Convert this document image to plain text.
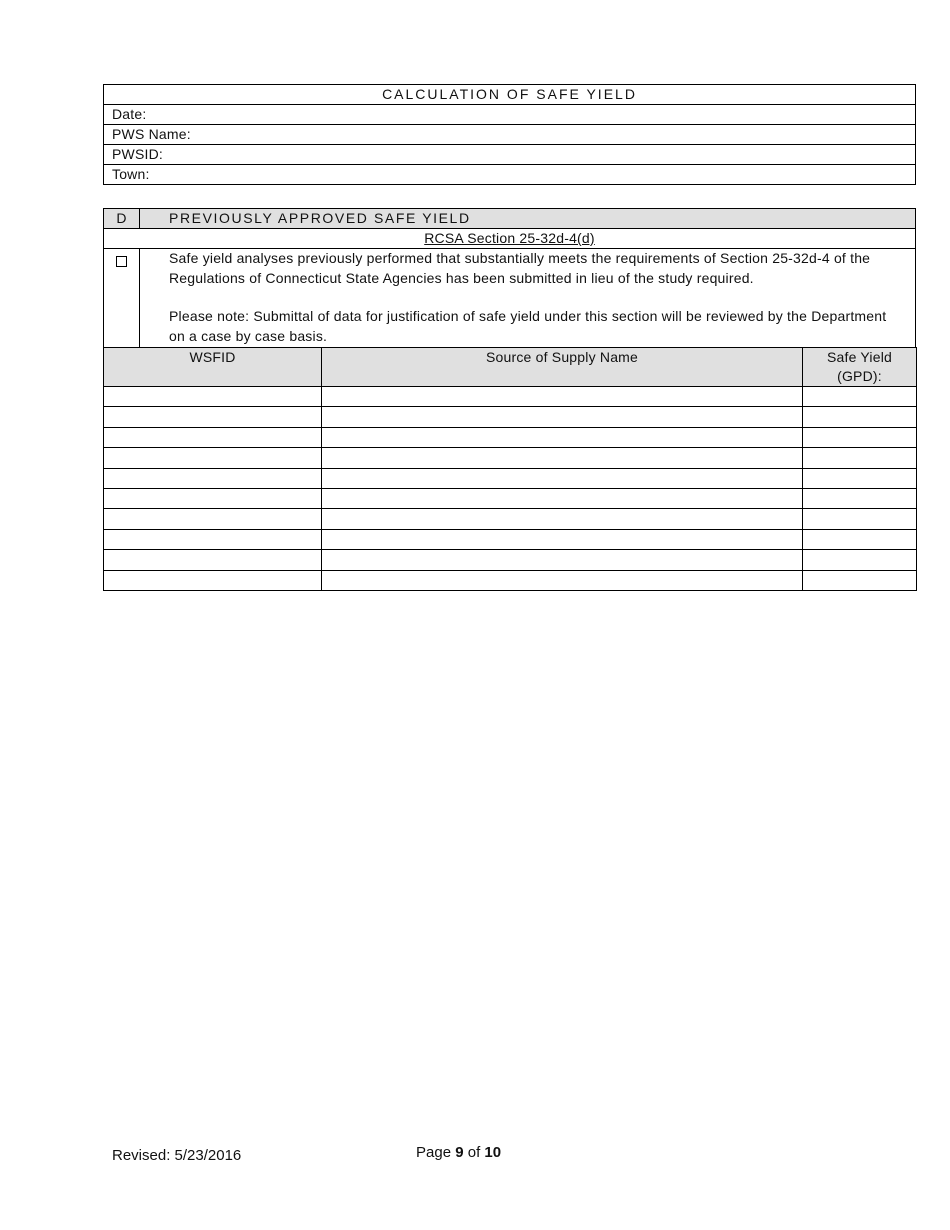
CALCULATION OF SAFE YIELD
Date:
PWS Name:
PWSID:
Town:
D	PREVIOUSLY APPROVED SAFE YIELD
RCSA Section 25-32d-4(d)	

	Safe yield analyses previously performed that substantially meets the requirements of Section 25-32d-4 of the Regulations of Connecticut State Agencies has been submitted in lieu of the study required.

Please note: Submittal of data for justification of safe yield under this section will be reviewed by the Department on a case by case basis.

WSFID	Source of Supply Name	Safe Yield (GPD):

Revised: 5/23/2016	Page 9 of 10
